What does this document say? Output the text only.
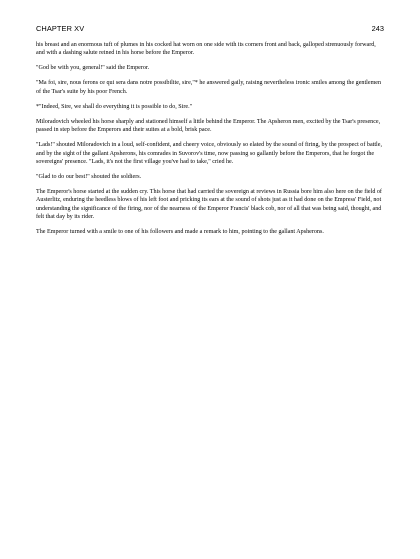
CHAPTER XV	243

his breast and an enormous tuft of plumes in his cocked hat worn on one side with its corners front and back, galloped strenuously forward, and with a dashing salute reined in his horse before the Emperor.

"God be with you, general!" said the Emperor.

"Ma foi, sire, nous ferons ce qui sera dans notre possibilite, sire,"* he answered gaily, raising nevertheless ironic smiles among the gentlemen of the Tsar's suite by his poor French.

*"Indeed, Sire, we shall do everything it is possible to do, Sire."

Miloradovich wheeled his horse sharply and stationed himself a little behind the Emperor. The Apsheron men, excited by the Tsar's presence, passed in step before the Emperors and their suites at a bold, brisk pace.

"Lads!" shouted Miloradovich in a loud, self-confident, and cheery voice, obviously so elated by the sound of firing, by the prospect of battle, and by the sight of the gallant Apsherons, his comrades in Suvorov's time, now passing so gallantly before the Emperors, that he forgot the sovereigns' presence. "Lads, it's not the first village you've had to take," cried he.

"Glad to do our best!" shouted the soldiers.

The Emperor's horse started at the sudden cry. This horse that had carried the sovereign at reviews in Russia bore him also here on the field of Austerlitz, enduring the heedless blows of his left foot and pricking its ears at the sound of shots just as it had done on the Empress' Field, not understanding the significance of the firing, nor of the nearness of the Emperor Francis' black cob, nor of all that was being said, thought, and felt that day by its rider.

The Emperor turned with a smile to one of his followers and made a remark to him, pointing to the gallant Apsherons.
